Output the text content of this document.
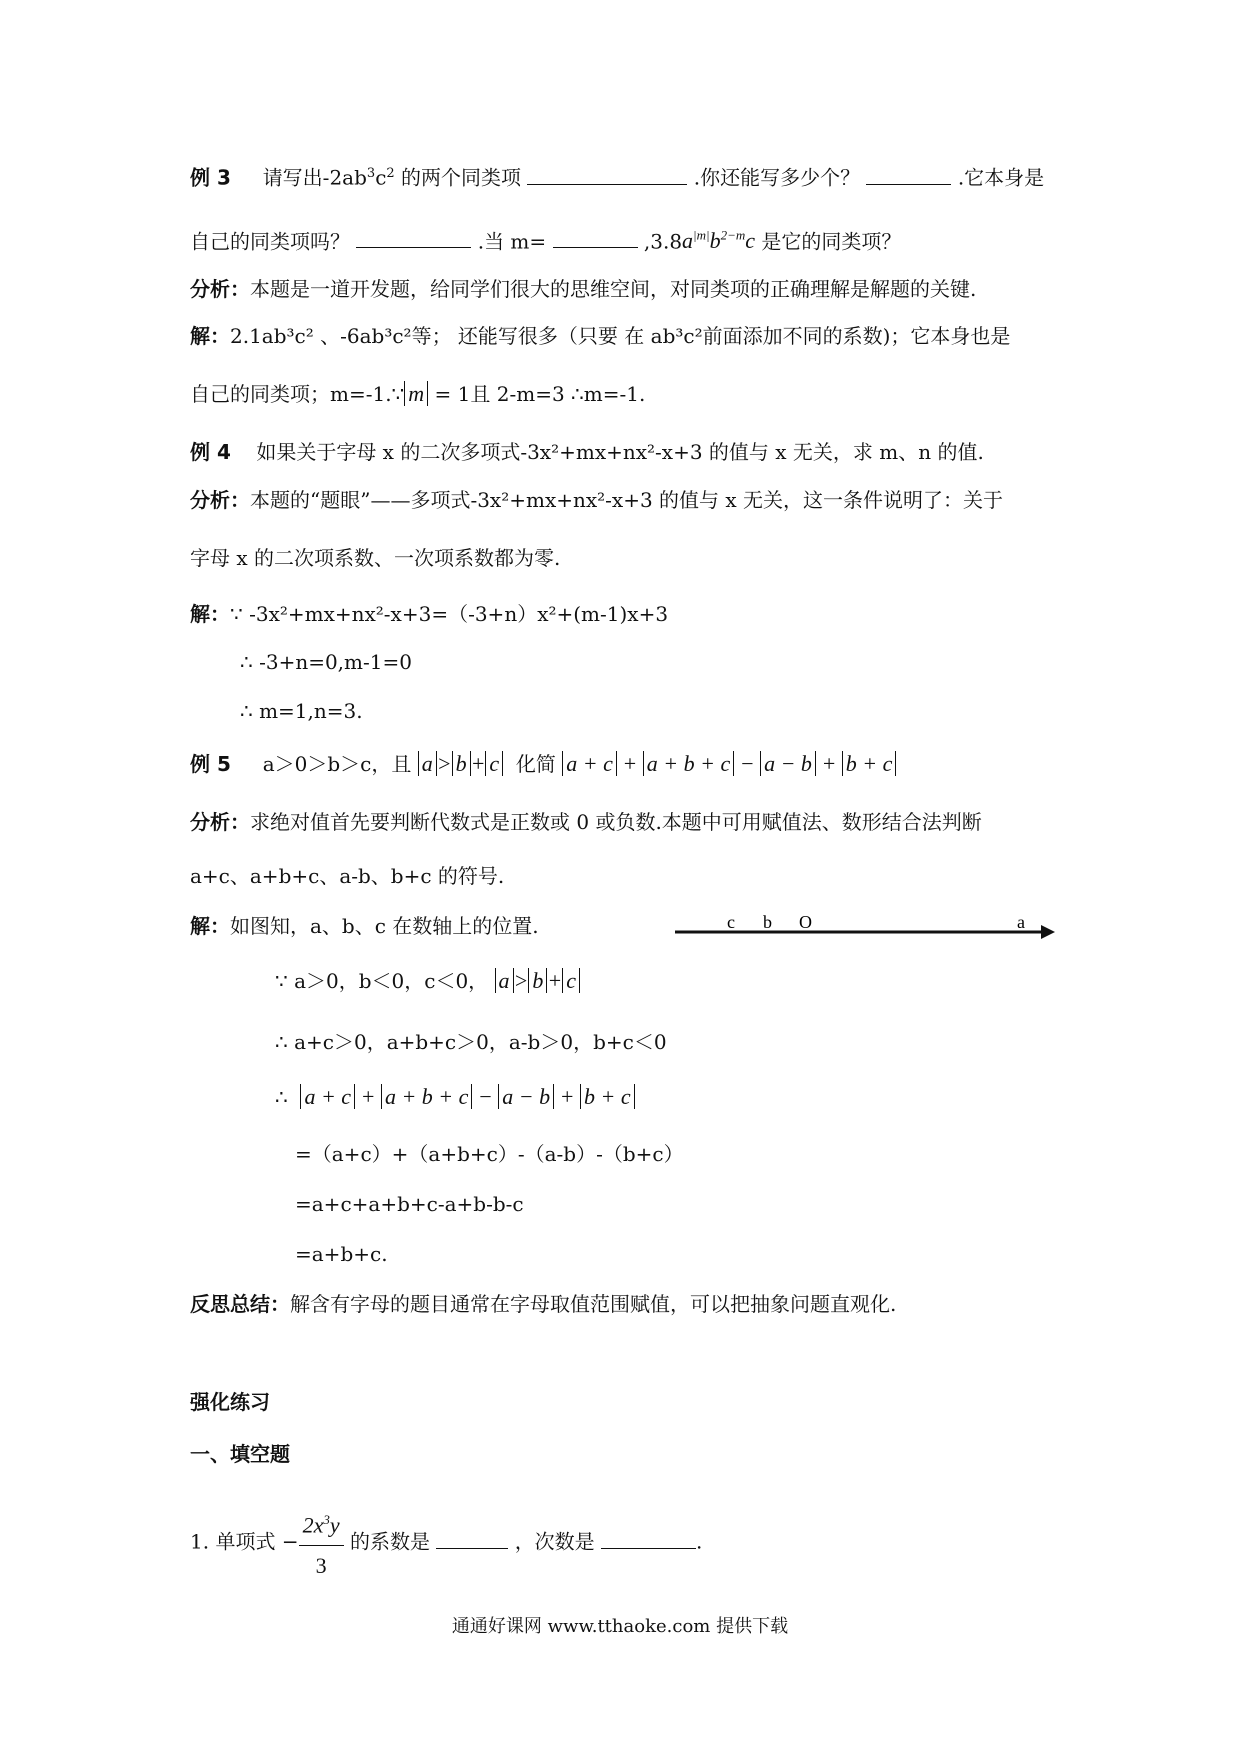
例 3 请写出$-2ab^3c^2$ 的两个同类项	.你还能写多少个？	.它本身是
自己的同类项吗？	.当 m=	$,3.8a^{|m|}b^{2-m}c$ 是它的同类项？
分析：本题是一道开发题，给同学们很大的思维空间，对同类项的正确理解是解题的关键.
解：2.1ab³c² 、-6ab³c²等； 还能写很多（只要 在 ab³c²前面添加不同的系数)；它本身也是
自己的同类项；m=-1.∵ m = 1且 2-m=3 ∴m=-1.
例 4 如果关于字母 x 的二次多项式-3x²+mx+nx²-x+3 的值与 x 无关，求 m、n 的值.
分析：本题的“题眼”——多项式-3x²+mx+nx²-x+3 的值与 x 无关，这一条件说明了：关于
字母 x 的二次项系数、一次项系数都为零.
解：∵ -3x²+mx+nx²-x+3=（-3+n）x²+(m-1)x+3
∴ -3+n=0,m-1=0
∴ m=1,n=3.
例 5 a＞0＞b＞c，且 a > b + c 化简 a + c + a + b + c − a − b + b + c
分析：求绝对值首先要判断代数式是正数或 0 或负数.本题中可用赋值法、数形结合法判断
a+c、a+b+c、a-b、b+c 的符号.
解：如图知，a、b、c 在数轴上的位置.	c b O	a
∵ a＞0，b＜0，c＜0， a > b + c
∴ a+c＞0，a+b+c＞0，a-b＞0，b+c＜0
∴ a + c + a + b + c − a − b + b + c
=（a+c）+（a+b+c）-（a-b）-（b+c）
=a+c+a+b+c-a+b-b-c
=a+b+c.
反思总结：解含有字母的题目通常在字母取值范围赋值，可以把抽象问题直观化.
强化练习
一、填空题
1. 单项式 − $\frac{2x^3y}{3}$ 的系数是	，次数是	.
通通好课网 www.tthaoke.com 提供下载
